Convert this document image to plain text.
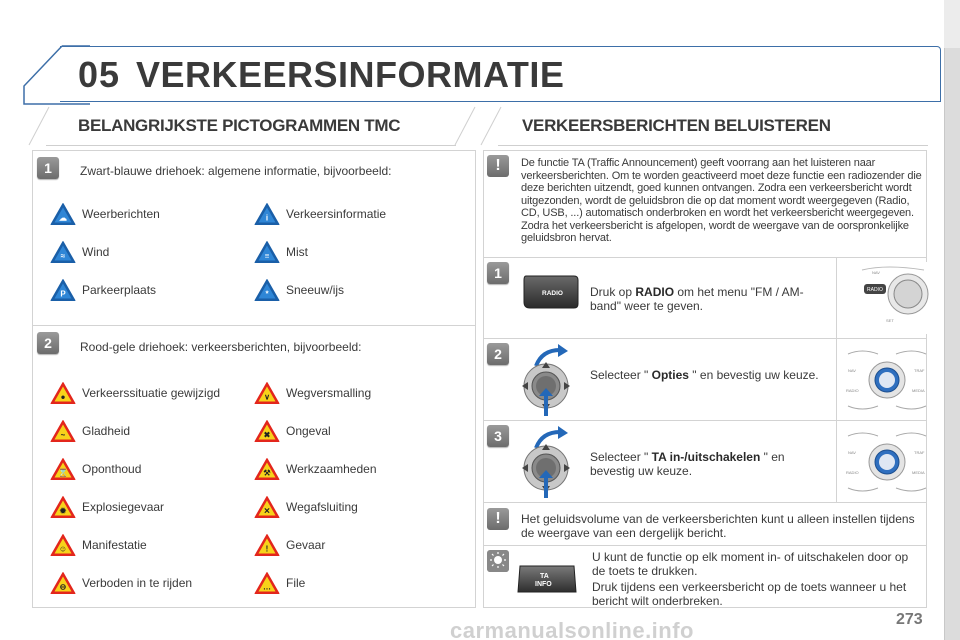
05 VERKEERSINFORMATIE
BELANGRIJKSTE PICTOGRAMMEN TMC
1	Zwart-blauwe driehoek: algemene informatie, bijvoorbeeld:
2	Rood-gele driehoek: verkeersberichten, bijvoorbeeld:
☁ Weerberichten	i Verkeersinformatie
≈ Wind	≡ Mist
P Parkeerplaats	* Sneeuw/ijs
● Verkeerssituatie gewijzigd	∨ Wegversmalling
~ Gladheid	✖ Ongeval
⌛ Oponthoud	⚒ Werkzaamheden
✹ Explosiegevaar	✕ Wegafsluiting
☺ Manifestatie	! Gevaar
⊖ Verboden in te rijden	… File
VERKEERSBERICHTEN BELUISTEREN
!	De functie TA (Traffic Announcement) geeft voorrang aan het luisteren naar verkeersberichten. Om te worden geactiveerd moet deze functie een radiozender die deze berichten uitzendt, goed kunnen ontvangen. Zodra een verkeersbericht wordt uitgezonden, wordt de geluidsbron die op dat moment wordt weergegeven (Radio, CD, USB, ...) automatisch onderbroken en wordt het verkeersbericht weergegeven. Zodra het verkeersbericht is afgelopen, wordt de weergave van de oorspronkelijke geluidsbron hervat.
1
RADIO Druk op RADIO om het menu "FM / AM-band" weer te geven.
RADIO
NAV
SET
2
Selecteer " Opties " en bevestig uw keuze.	NAV	TRAF
RADIO	MEDIA
3
Selecteer " TA in-/uitschakelen " en bevestig uw keuze.
NAV	TRAF
RADIO	MEDIA
!	Het geluidsvolume van de verkeersberichten kunt u alleen instellen tijdens de weergave van een dergelijk bericht.
TA
INFO
U kunt de functie op elk moment in- of uitschakelen door op de toets te drukken.
Druk tijdens een verkeersbericht op de toets wanneer u het bericht wilt onderbreken.
carmanualsonline.info	273
